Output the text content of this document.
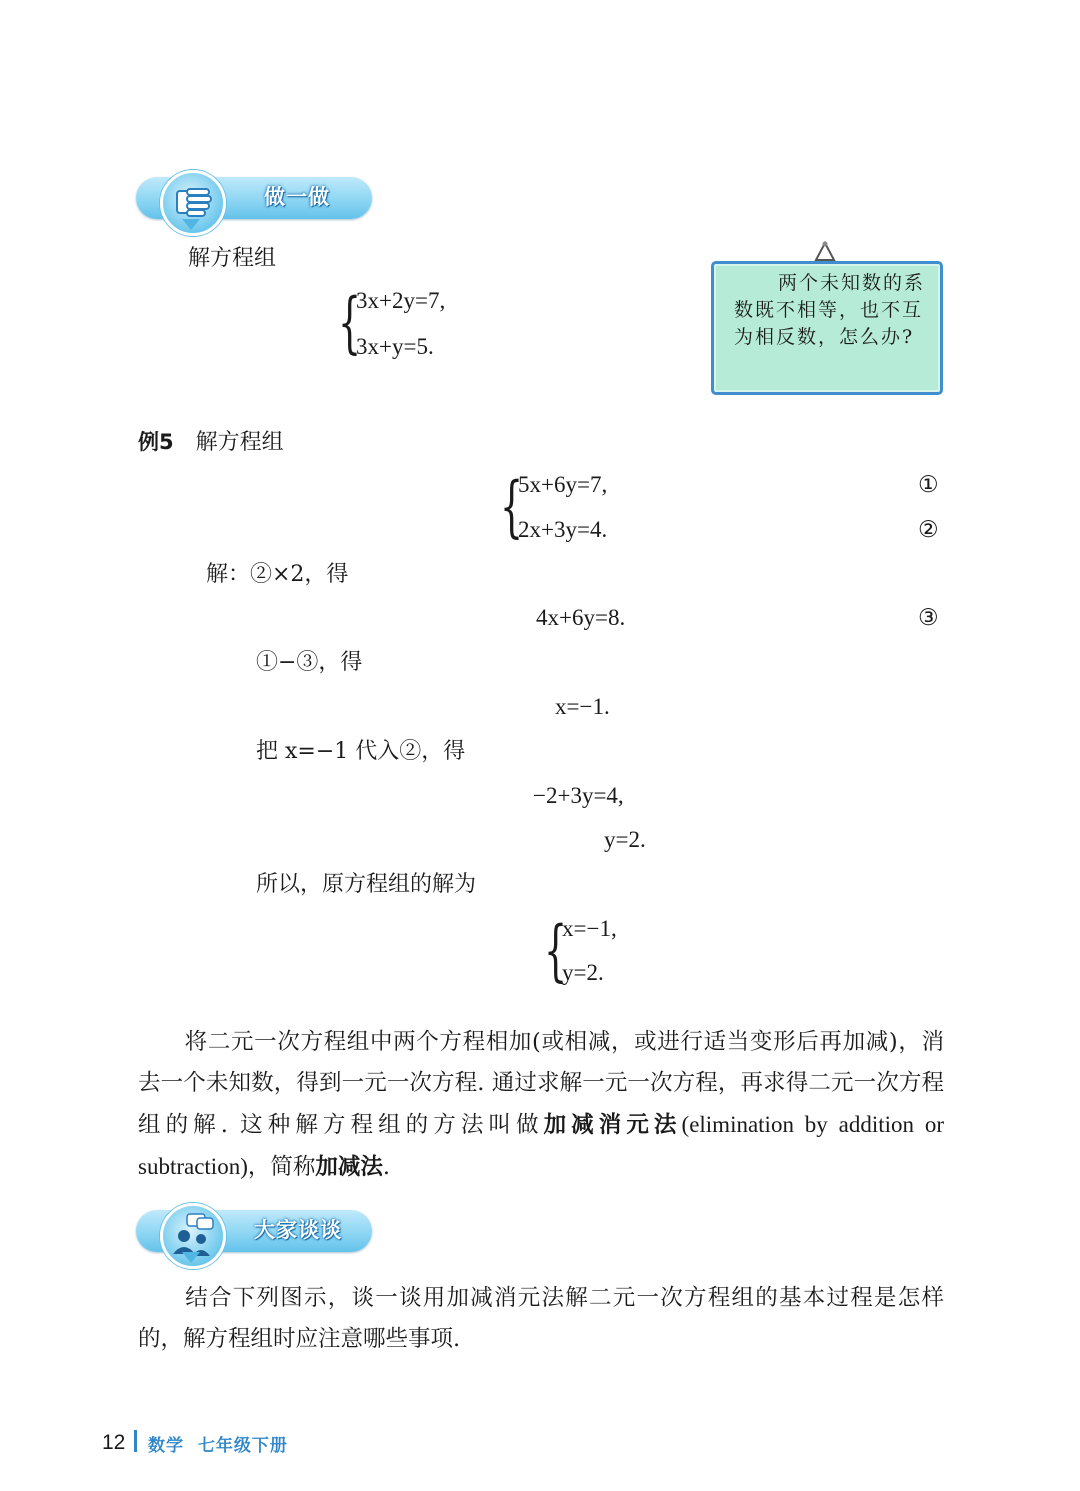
做一做
解方程组
{
3x+2y=7,
3x+y=5.
两个未知数的系数既不相等，也不互为相反数，怎么办?
例5 解方程组
{
5x+6y=7,	①
2x+3y=4.	②
解：②×2，得
4x+6y=8.	③
①−③，得
x=−1.
把 x=−1 代入②，得
−2+3y=4,
y=2.
所以，原方程组的解为
{
x=−1,
y=2.
将二元一次方程组中两个方程相加(或相减，或进行适当变形后再加减)，消去一个未知数，得到一元一次方程. 通过求解一元一次方程，再求得二元一次方程组的解. 这种解方程组的方法叫做加减消元法(elimination by addition or subtraction)，简称加减法.
大家谈谈
结合下列图示，谈一谈用加减消元法解二元一次方程组的基本过程是怎样的，解方程组时应注意哪些事项.
12 数学  七年级下册
